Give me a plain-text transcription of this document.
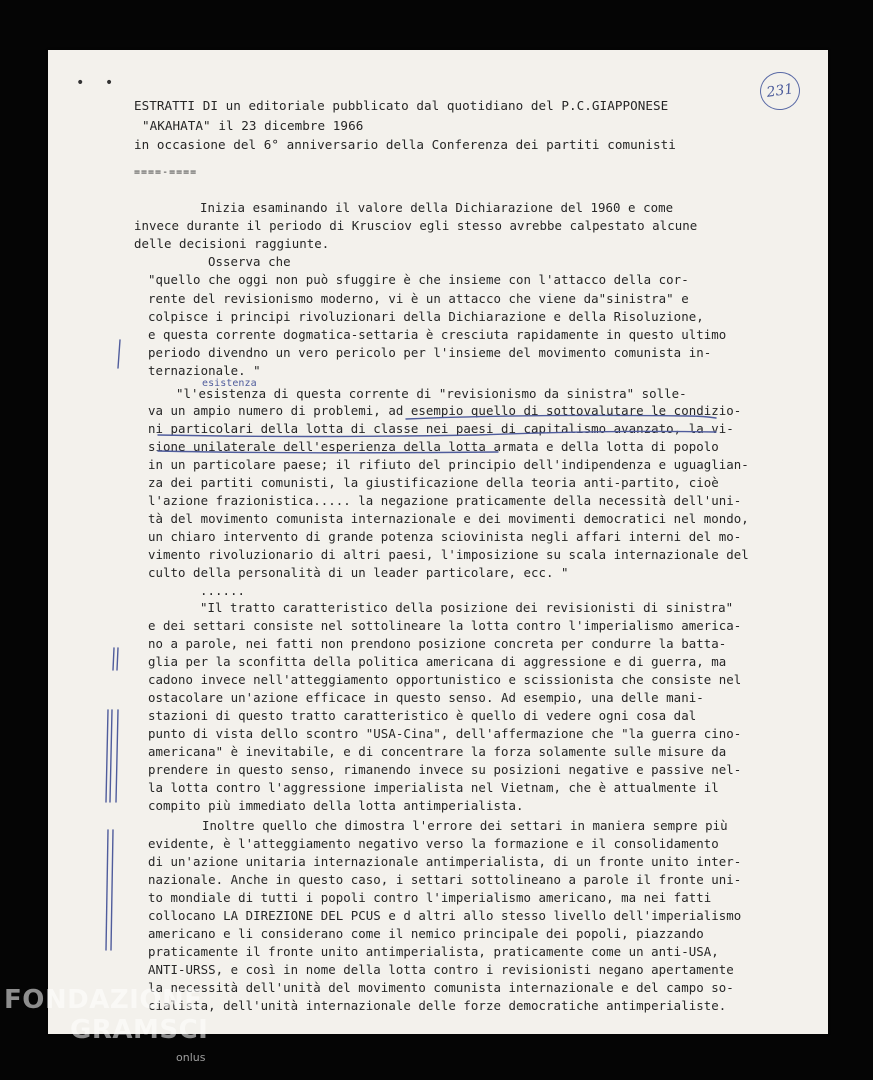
• •	231
ESTRATTI DI un editoriale pubblicato dal quotidiano del P.C.GIAPPONESE
"AKAHATA" il 23 dicembre 1966
in occasione del 6° anniversario della Conferenza dei partiti comunisti
====-====
esistenza
Inizia esaminando il valore della Dichiarazione del 1960 e come
invece durante il periodo di Krusciov egli stesso avrebbe calpestato alcune
delle decisioni raggiunte.
Osserva che
"quello che oggi non può sfuggire è che insieme con l'attacco della cor-
rente del revisionismo moderno, vi è un attacco che viene da"sinistra" e
colpisce i principi rivoluzionari della Dichiarazione e della Risoluzione,
e questa corrente dogmatica-settaria è cresciuta rapidamente in questo ultimo
periodo divendno un vero pericolo per l'insieme del movimento comunista in-
ternazionale. "
"l'esistenza di questa corrente di "revisionismo da sinistra" solle-
va un ampio numero di problemi, ad esempio quello di sottovalutare le condizio-
ni particolari della lotta di classe nei paesi di capitalismo avanzato, la vi-
sione unilaterale dell'esperienza della lotta armata e della lotta di popolo
in un particolare paese; il rifiuto del principio dell'indipendenza e uguaglian-
za dei partiti comunisti, la giustificazione della teoria anti-partito, cioè
l'azione frazionistica..... la negazione praticamente della necessità dell'uni-
tà del movimento comunista internazionale e dei movimenti democratici nel mondo,
un chiaro intervento di grande potenza sciovinista negli affari interni del mo-
vimento rivoluzionario di altri paesi, l'imposizione su scala internazionale del
culto della personalità di un leader particolare, ecc. "
......
"Il tratto caratteristico della posizione dei revisionisti di sinistra"
e dei settari consiste nel sottolineare la lotta contro l'imperialismo america-
no a parole, nei fatti non prendono posizione concreta per condurre la batta-
glia per la sconfitta della politica americana di aggressione e di guerra, ma
cadono invece nell'atteggiamento opportunistico e scissionista che consiste nel
ostacolare un'azione efficace in questo senso. Ad esempio, una delle mani-
stazioni di questo tratto caratteristico è quello di vedere ogni cosa dal
punto di vista dello scontro "USA-Cina", dell'affermazione che "la guerra cino-
americana" è inevitabile, e di concentrare la forza solamente sulle misure da
prendere in questo senso, rimanendo invece su posizioni negative e passive nel-
la lotta contro l'aggressione imperialista nel Vietnam, che è attualmente il
compito più immediato della lotta antimperialista.
Inoltre quello che dimostra l'errore dei settari in maniera sempre più
evidente, è l'atteggiamento negativo verso la formazione e il consolidamento
di un'azione unitaria internazionale antimperialista, di un fronte unito inter-
nazionale. Anche in questo caso, i settari sottolineano a parole il fronte uni-
to mondiale di tutti i popoli contro l'imperialismo americano, ma nei fatti
collocano LA DIREZIONE DEL PCUS e d altri allo stesso livello dell'imperialismo
americano e li considerano come il nemico principale dei popoli, piazzando
praticamente il fronte unito antimperialista, praticamente come un anti-USA,
ANTI-URSS, e così in nome della lotta contro i revisionisti negano apertamente
la necessità dell'unità del movimento comunista internazionale e del campo so-
cialista, dell'unità internazionale delle forze democratiche antimperialiste.
FONDAZIONE
GRAMSCI
onlus
